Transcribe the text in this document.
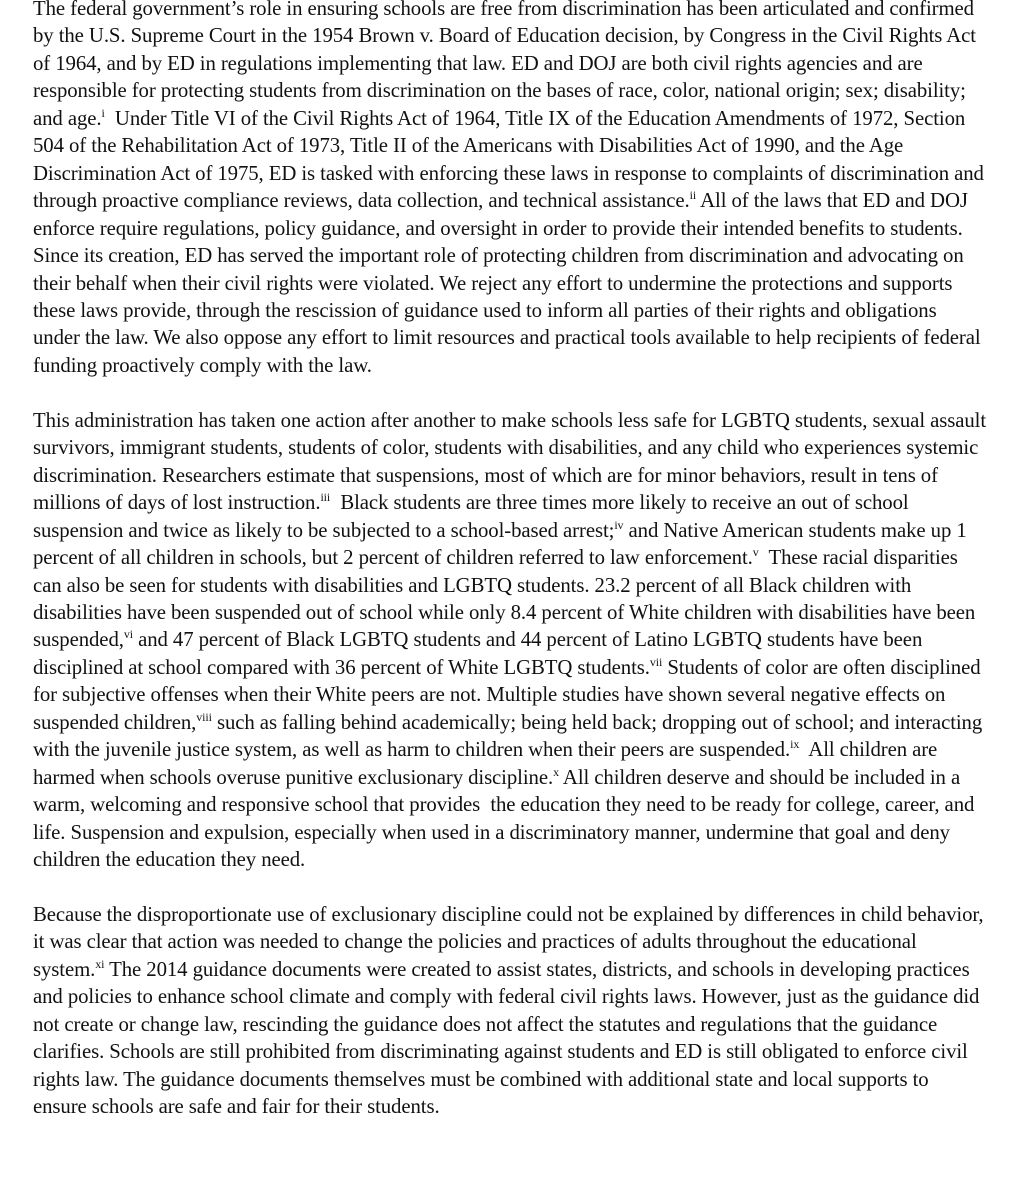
The federal government’s role in ensuring schools are free from discrimination has been articulated and confirmed by the U.S. Supreme Court in the 1954 Brown v. Board of Education decision, by Congress in the Civil Rights Act of 1964, and by ED in regulations implementing that law. ED and DOJ are both civil rights agencies and are responsible for protecting students from discrimination on the bases of race, color, national origin; sex; disability; and age.$^i$  Under Title VI of the Civil Rights Act of 1964, Title IX of the Education Amendments of 1972, Section 504 of the Rehabilitation Act of 1973, Title II of the Americans with Disabilities Act of 1990, and the Age Discrimination Act of 1975, ED is tasked with enforcing these laws in response to complaints of discrimination and through proactive compliance reviews, data collection, and technical assistance.$^{ii}$ All of the laws that ED and DOJ enforce require regulations, policy guidance, and oversight in order to provide their intended benefits to students. Since its creation, ED has served the important role of protecting children from discrimination and advocating on their behalf when their civil rights were violated. We reject any effort to undermine the protections and supports these laws provide, through the rescission of guidance used to inform all parties of their rights and obligations under the law. We also oppose any effort to limit resources and practical tools available to help recipients of federal funding proactively comply with the law.
This administration has taken one action after another to make schools less safe for LGBTQ students, sexual assault survivors, immigrant students, students of color, students with disabilities, and any child who experiences systemic discrimination. Researchers estimate that suspensions, most of which are for minor behaviors, result in tens of millions of days of lost instruction.$^{iii}$  Black students are three times more likely to receive an out of school suspension and twice as likely to be subjected to a school-based arrest;$^{iv}$ and Native American students make up 1 percent of all children in schools, but 2 percent of children referred to law enforcement.$^v$  These racial disparities can also be seen for students with disabilities and LGBTQ students. 23.2 percent of all Black children with disabilities have been suspended out of school while only 8.4 percent of White children with disabilities have been suspended,$^{vi}$ and 47 percent of Black LGBTQ students and 44 percent of Latino LGBTQ students have been disciplined at school compared with 36 percent of White LGBTQ students.$^{vii}$ Students of color are often disciplined for subjective offenses when their White peers are not. Multiple studies have shown several negative effects on suspended children,$^{viii}$ such as falling behind academically; being held back; dropping out of school; and interacting with the juvenile justice system, as well as harm to children when their peers are suspended.$^{ix}$  All children are harmed when schools overuse punitive exclusionary discipline.$^x$ All children deserve and should be included in a warm, welcoming and responsive school that provides  the education they need to be ready for college, career, and life. Suspension and expulsion, especially when used in a discriminatory manner, undermine that goal and deny children the education they need.
Because the disproportionate use of exclusionary discipline could not be explained by differences in child behavior, it was clear that action was needed to change the policies and practices of adults throughout the educational system.$^{xi}$ The 2014 guidance documents were created to assist states, districts, and schools in developing practices and policies to enhance school climate and comply with federal civil rights laws. However, just as the guidance did not create or change law, rescinding the guidance does not affect the statutes and regulations that the guidance clarifies. Schools are still prohibited from discriminating against students and ED is still obligated to enforce civil rights law. The guidance documents themselves must be combined with additional state and local supports to ensure schools are safe and fair for their students.
